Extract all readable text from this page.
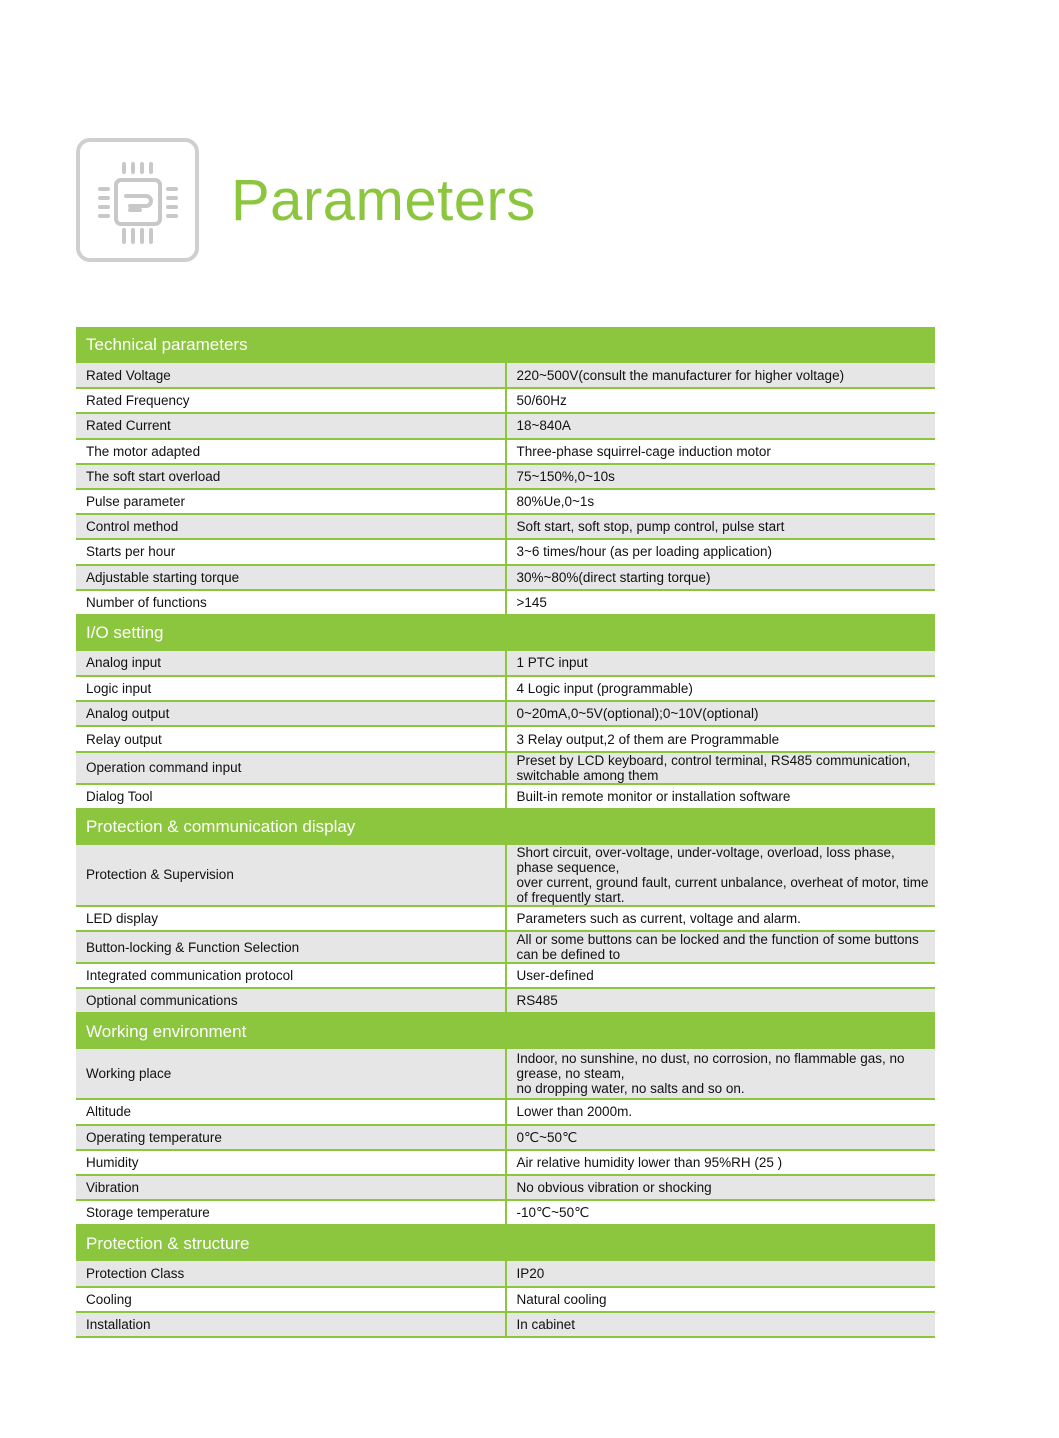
Parameters
Technical parameters	
Rated Voltage	220~500V(consult the manufacturer for higher voltage)

Rated Frequency	50/60Hz

Rated Current	18~840A

The motor adapted	Three-phase squirrel-cage induction motor

The soft start overload	75~150%,0~10s

Pulse parameter	80%Ue,0~1s

Control method	Soft start, soft stop, pump control, pulse start

Starts per hour	3~6 times/hour (as per loading application)

Adjustable starting torque	30%~80%(direct starting torque)

Number of functions	>145

I/O setting	
Analog input	1 PTC input

Logic input	4 Logic input (programmable)

Analog output	0~20mA,0~5V(optional);0~10V(optional)

Relay output	3 Relay output,2 of them are Programmable

Operation command input	Preset by LCD keyboard, control terminal, RS485 communication, switchable among them

Dialog Tool	Built-in remote monitor or installation software

Protection & communication display	
Protection & Supervision	Short circuit, over-voltage, under-voltage, overload, loss phase, phase sequence,
over current, ground fault, current unbalance, overheat of motor, time of frequently start.

LED display	Parameters such as current, voltage and alarm.

Button-locking & Function Selection	All or some buttons can be locked and the function of some buttons can be defined to

Integrated communication protocol	User-defined

Optional communications	RS485

Working environment	
Working place	Indoor, no sunshine, no dust, no corrosion, no flammable gas, no grease, no steam,
no dropping water, no salts and so on.

Altitude	Lower than 2000m.

Operating temperature	0℃~50℃

Humidity	Air relative humidity lower than 95%RH (25 )

Vibration	No obvious vibration or shocking

Storage temperature	-10℃~50℃

Protection & structure	
Protection Class	IP20

Cooling	Natural cooling

Installation	In cabinet
